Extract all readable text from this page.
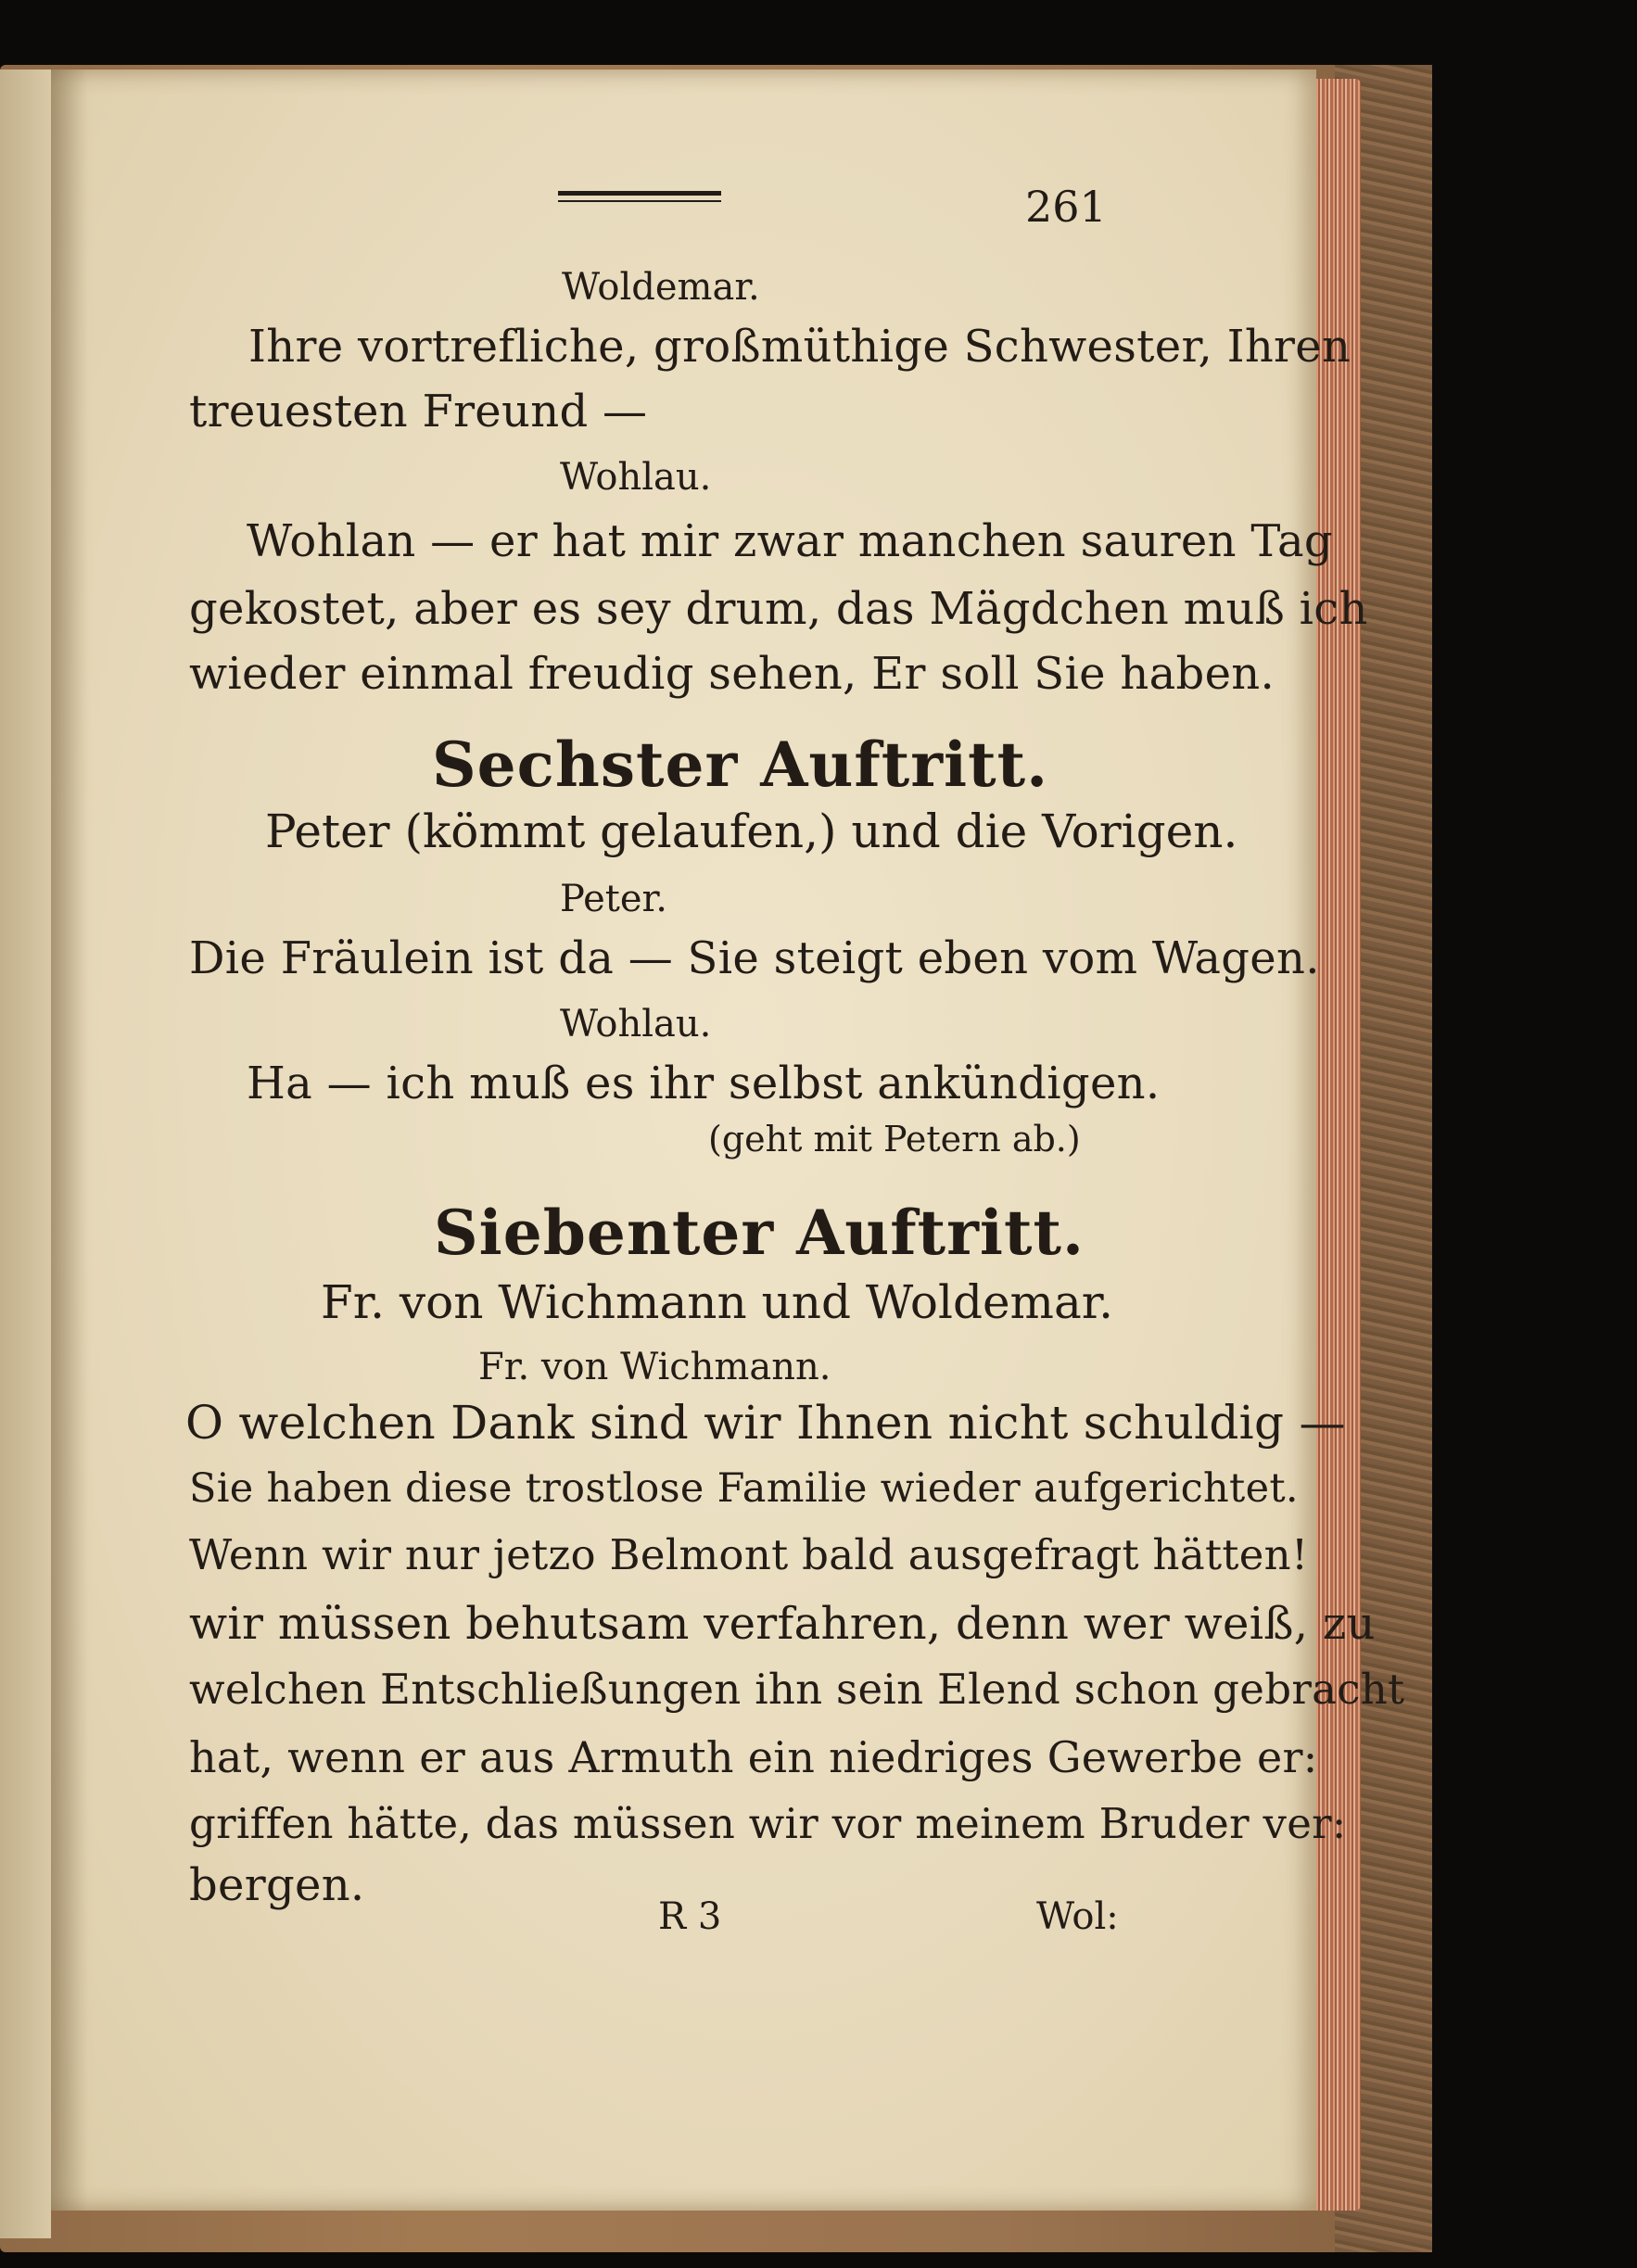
261
Woldemar.
Ihre vortrefliche, großmüthige Schwester, Ihren
treuesten Freund —
Wohlau.
Wohlan — er hat mir zwar manchen sauren Tag
gekostet, aber es sey drum, das Mägdchen muß ich
wieder einmal freudig sehen, Er soll Sie haben.
Sechster Auftritt.
Peter (kömmt gelaufen,) und die Vorigen.
Peter.
Die Fräulein ist da — Sie steigt eben vom Wagen.
Wohlau.
Ha — ich muß es ihr selbst ankündigen.
(geht mit Petern ab.)
Siebenter Auftritt.
Fr. von Wichmann und Woldemar.
Fr. von Wichmann.
O welchen Dank sind wir Ihnen nicht schuldig —
Sie haben diese trostlose Familie wieder aufgerichtet.
Wenn wir nur jetzo Belmont bald ausgefragt hätten!
wir müssen behutsam verfahren, denn wer weiß, zu
welchen Entschließungen ihn sein Elend schon gebracht
hat, wenn er aus Armuth ein niedriges Gewerbe er:
griffen hätte, das müssen wir vor meinem Bruder ver:
bergen.
R 3	Wol:
